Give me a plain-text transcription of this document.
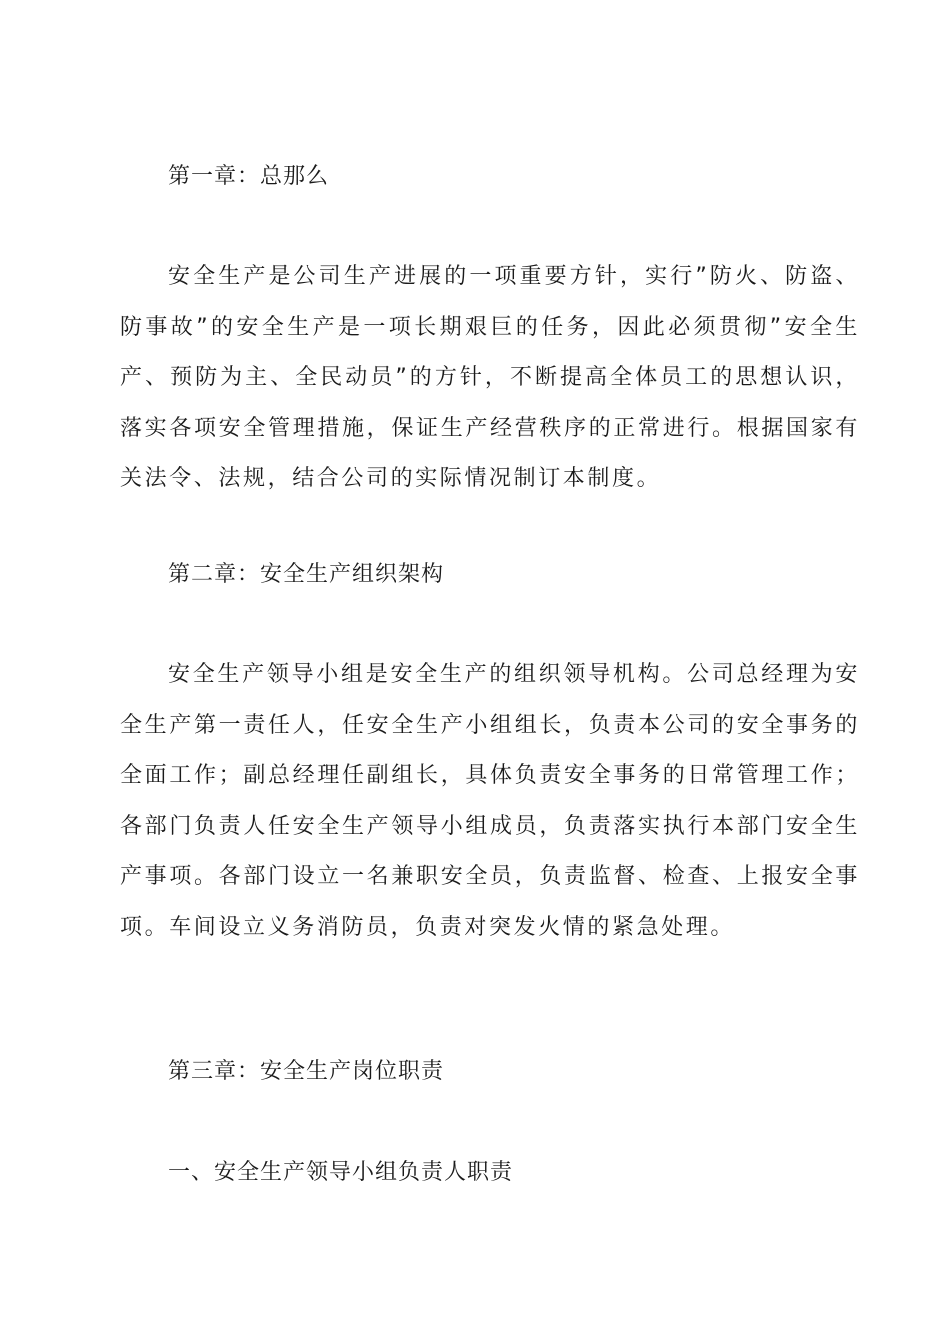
第一章：总那么

安全生产是公司生产进展的一项重要方针，实行”防火、防盗、防事故”的安全生产是一项长期艰巨的任务，因此必须贯彻”安全生产、预防为主、全民动员”的方针，不断提高全体员工的思想认识，落实各项安全管理措施，保证生产经营秩序的正常进行。根据国家有关法令、法规，结合公司的实际情况制订本制度。

第二章：安全生产组织架构

安全生产领导小组是安全生产的组织领导机构。公司总经理为安全生产第一责任人，任安全生产小组组长，负责本公司的安全事务的全面工作；副总经理任副组长，具体负责安全事务的日常管理工作；各部门负责人任安全生产领导小组成员，负责落实执行本部门安全生产事项。各部门设立一名兼职安全员，负责监督、检查、上报安全事项。车间设立义务消防员，负责对突发火情的紧急处理。

第三章：安全生产岗位职责
一、安全生产领导小组负责人职责
